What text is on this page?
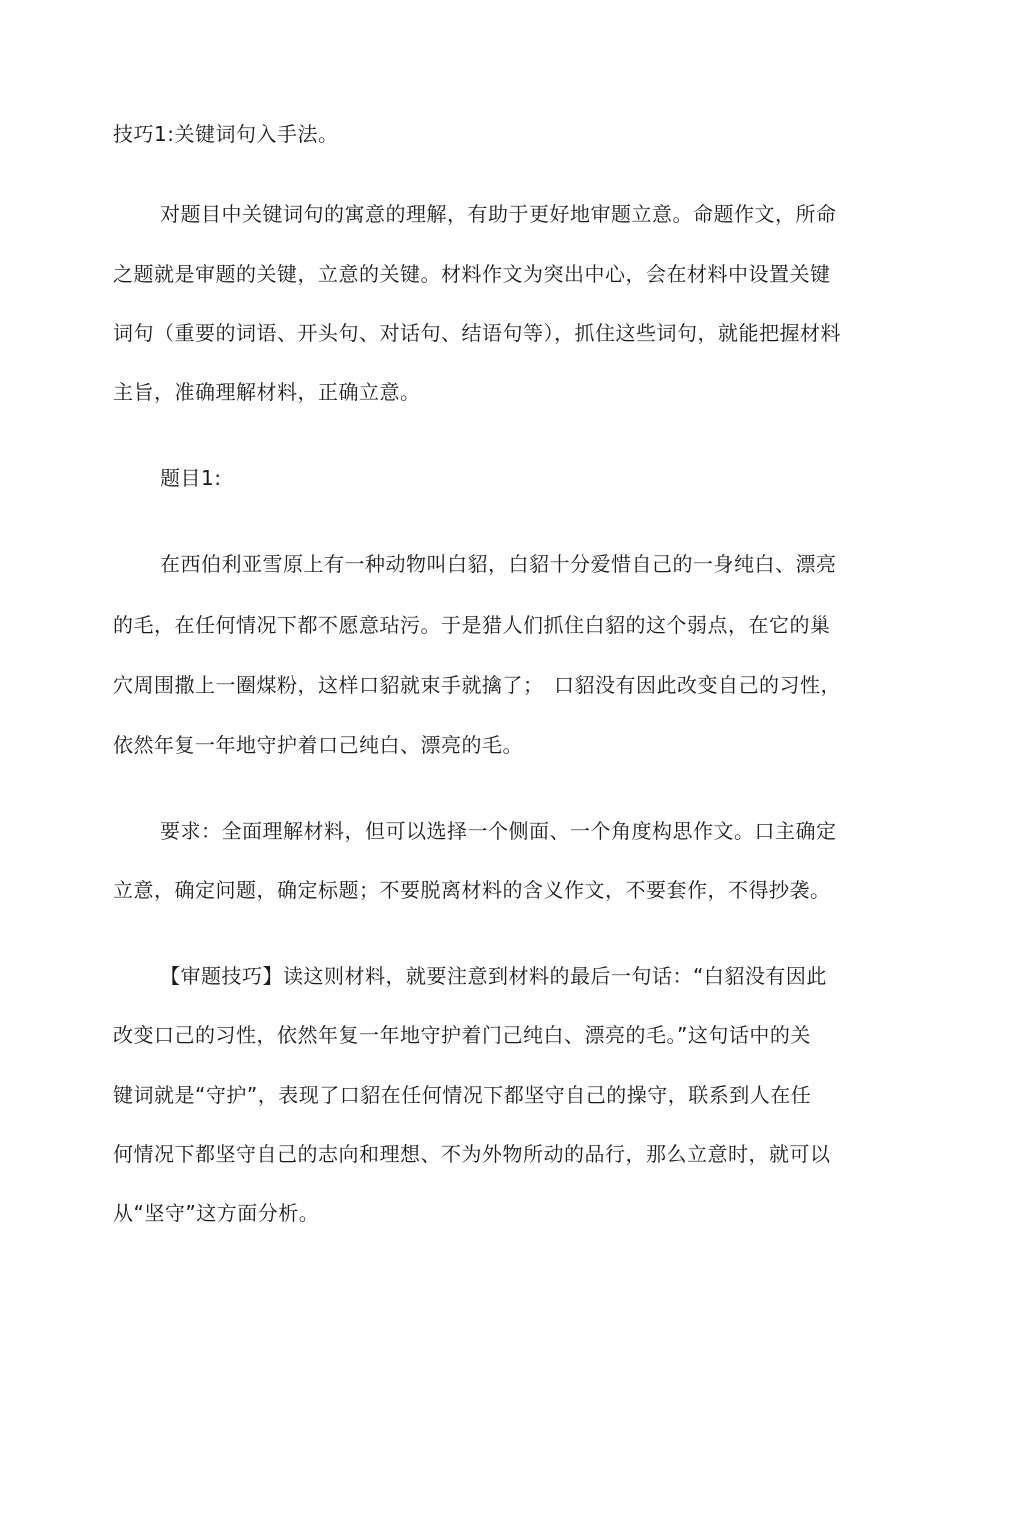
技巧1:关键词句入手法。
对题目中关键词句的寓意的理解，有助于更好地审题立意。命题作文，所命
之题就是审题的关键，立意的关键。材料作文为突出中心，会在材料中设置关键
词句（重要的词语、开头句、对话句、结语句等），抓住这些词句，就能把握材料
主旨，准确理解材料，正确立意。
题目1:
在西伯利亚雪原上有一种动物叫白貂，白貂十分爱惜自己的一身纯白、漂亮
的毛，在任何情况下都不愿意玷污。于是猎人们抓住白貂的这个弱点，在它的巢
穴周围撒上一圈煤粉，这样口貂就束手就擒了；　口貂没有因此改变自己的习性，
依然年复一年地守护着口己纯白、漂亮的毛。
要求：全面理解材料，但可以选择一个侧面、一个角度构思作文。口主确定
立意，确定问题，确定标题；不要脱离材料的含义作文，不要套作，不得抄袭。
【审题技巧】读这则材料，就要注意到材料的最后一句话：“白貂没有因此
改变口己的习性，依然年复一年地守护着门己纯白、漂亮的毛。”这句话中的关
键词就是“守护”，表现了口貂在任何情况下都坚守自己的操守，联系到人在任
何情况下都坚守自己的志向和理想、不为外物所动的品行，那么立意时，就可以
从“坚守”这方面分析。
